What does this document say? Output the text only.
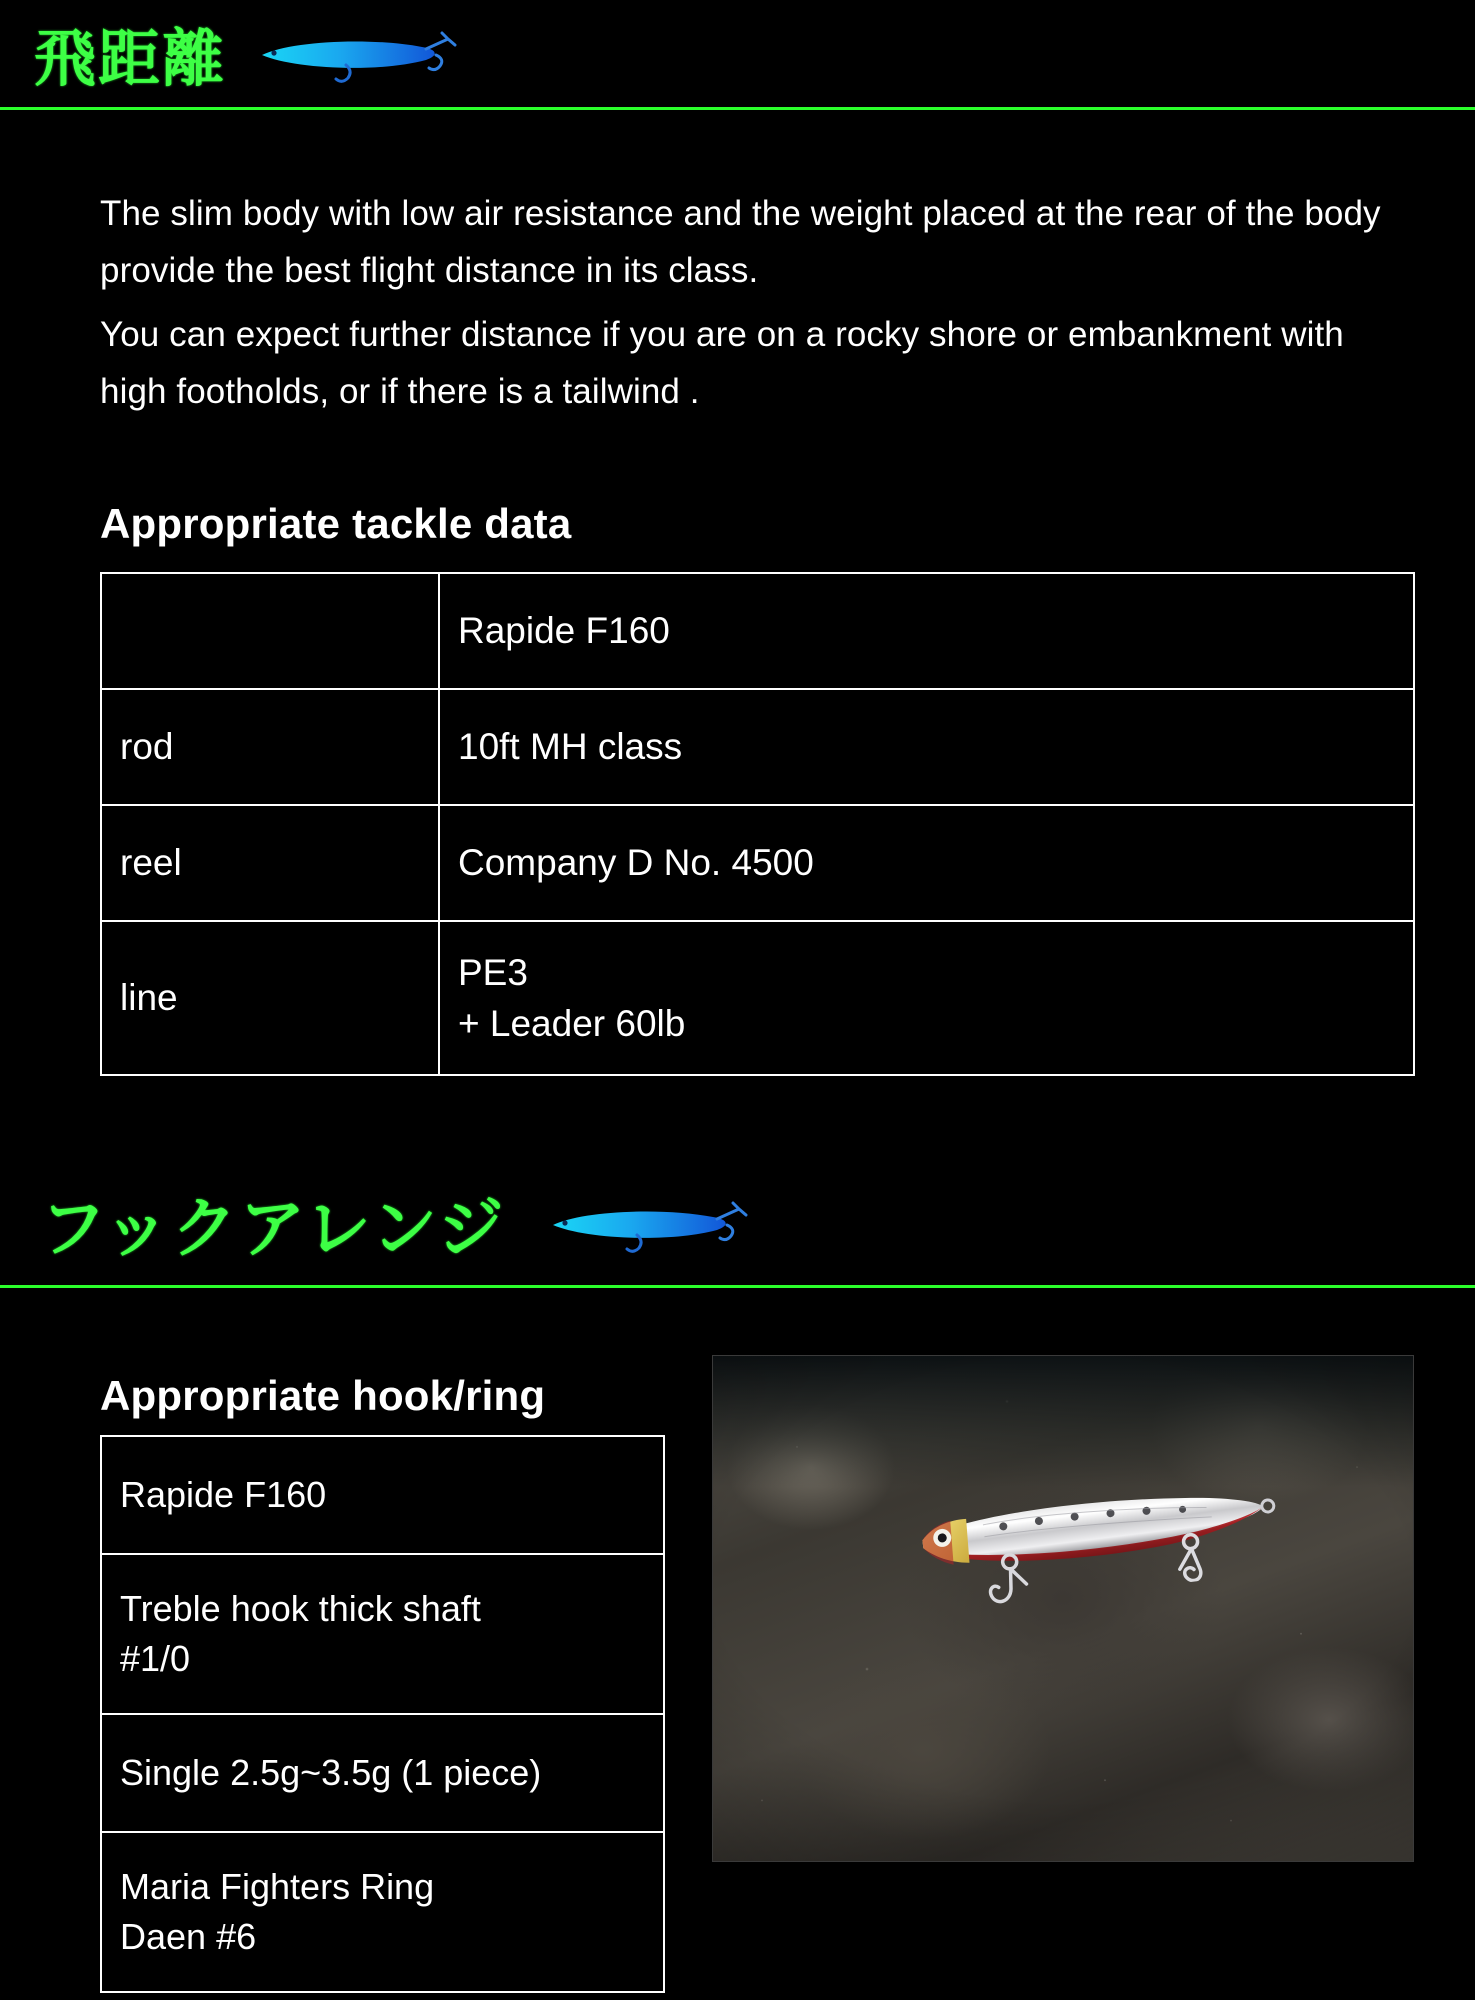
飛距離

The slim body with low air resistance and the weight placed at the rear of the body provide the best flight distance in its class.

You can expect further distance if you are on a rocky shore or embankment with high footholds, or if there is a tailwind .

Appropriate tackle data
	Rapide F160
rod	10ft MH class
reel	Company D No. 4500
line	PE3
+ Leader 60lb
フックアレンジ
Appropriate hook/ring
Rapide F160

Treble hook thick shaft
#1/0

Single 2.5g~3.5g (1 piece)

Maria Fighters Ring
Daen #6
